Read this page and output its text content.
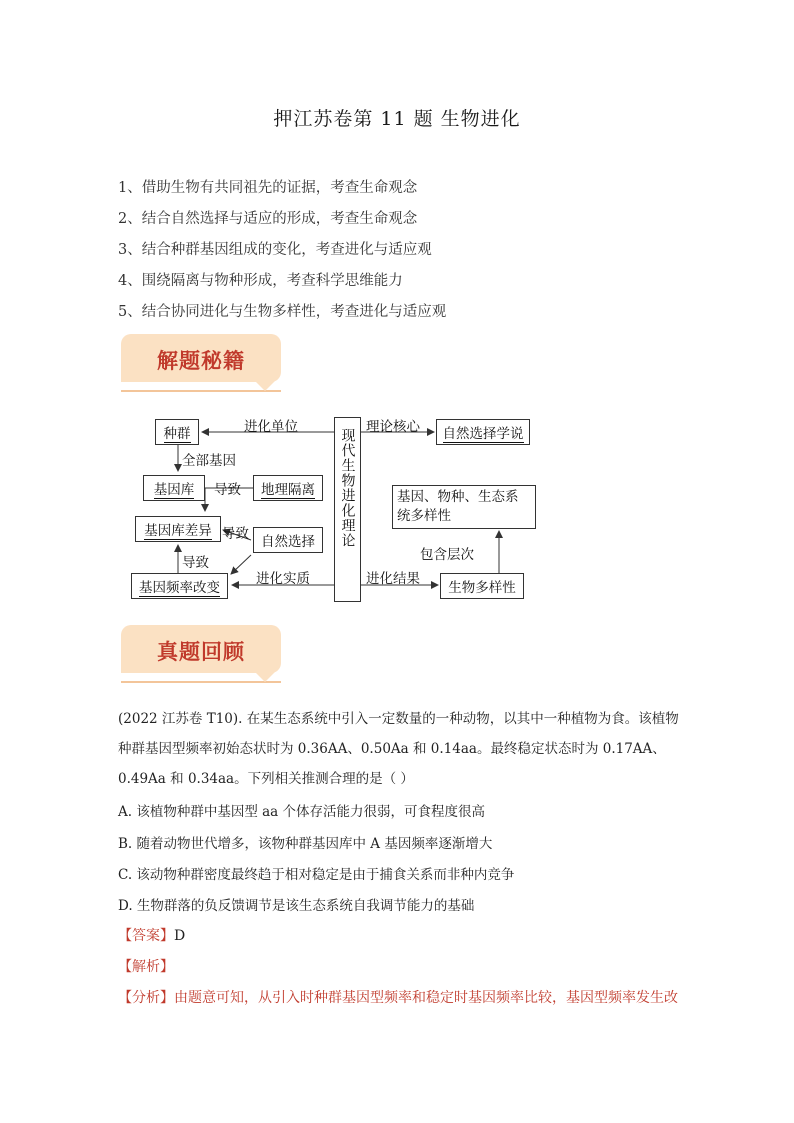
押江苏卷第 11 题 生物进化
1、借助生物有共同祖先的证据，考查生命观念
2、结合自然选择与适应的形成，考查生命观念
3、结合种群基因组成的变化，考查进化与适应观
4、围绕隔离与物种形成，考查科学思维能力
5、结合协同进化与生物多样性，考查进化与适应观
解题秘籍
现代生物进化理论
种群
基因库	地理隔离
基因库差异
自然选择
基因频率改变
自然选择学说
基因、物种、生态系统多样性
生物多样性
进化单位
全部基因
导致
导致
导致
进化实质
理论核心
进化结果
包含层次
真题回顾
(2022 江苏卷 T10). 在某生态系统中引入一定数量的一种动物，以其中一种植物为食。该植物种群基因型频率初始态状时为 0.36AA、0.50Aa 和 0.14aa。最终稳定状态时为 0.17AA、0.49Aa 和 0.34aa。下列相关推测合理的是（ ）
A. 该植物种群中基因型 aa 个体存活能力很弱，可食程度很高
B. 随着动物世代增多，该物种群基因库中 A 基因频率逐渐增大
C. 该动物种群密度最终趋于相对稳定是由于捕食关系而非种内竞争
D. 生物群落的负反馈调节是该生态系统自我调节能力的基础
【答案】D
【解析】
【分析】由题意可知，从引入时种群基因型频率和稳定时基因频率比较，基因型频率发生改
